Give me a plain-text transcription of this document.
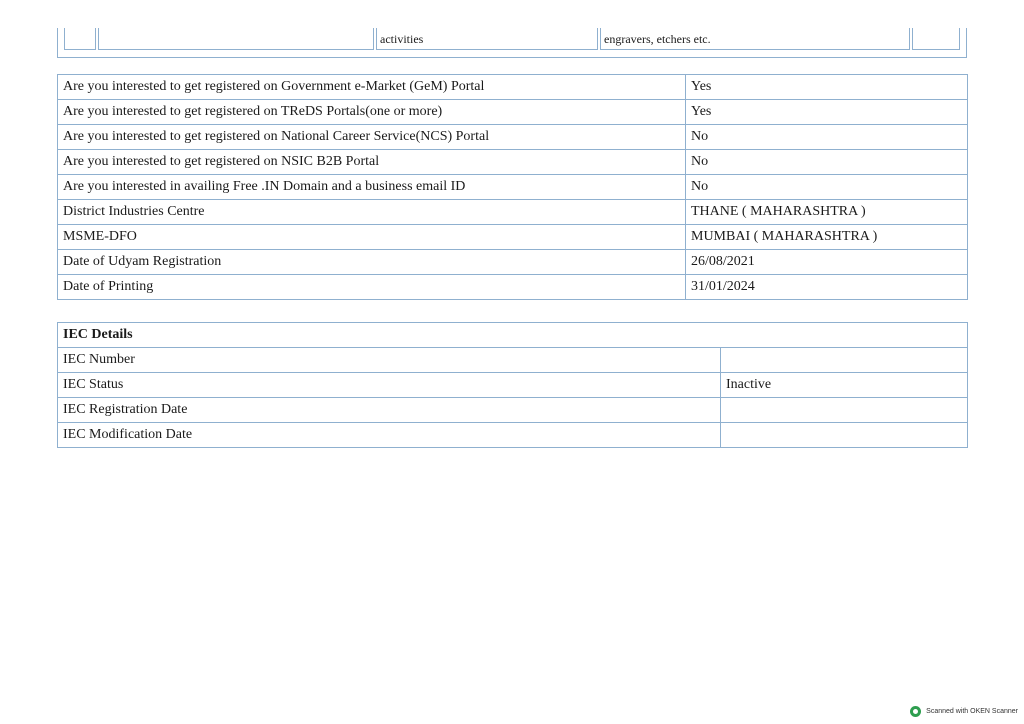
activities	engravers, etchers etc.
Are you interested to get registered on Government e-Market (GeM) Portal	Yes
Are you interested to get registered on TReDS Portals(one or more)	Yes
Are you interested to get registered on National Career Service(NCS) Portal	No
Are you interested to get registered on NSIC B2B Portal	No
Are you interested in availing Free .IN Domain and a business email ID	No
District Industries Centre	THANE ( MAHARASHTRA )
MSME-DFO	MUMBAI ( MAHARASHTRA )
Date of Udyam Registration	26/08/2021
Date of Printing	31/01/2024
IEC Details	
IEC Number	
IEC Status	Inactive
IEC Registration Date	
IEC Modification Date	
Scanned with OKEN Scanner
